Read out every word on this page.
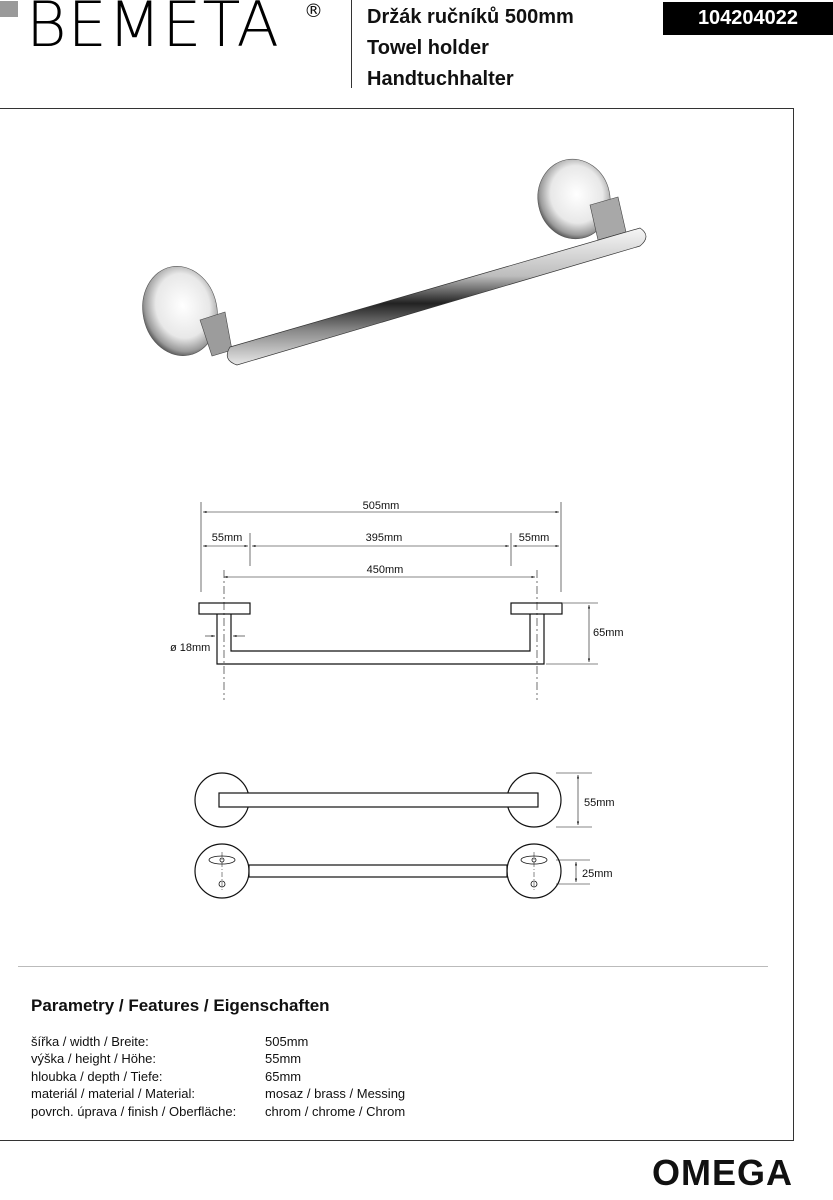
BEMETA ® Držák ručníků 500mm
Towel holder
Handtuchhalter
104204022
505mm
55mm	395mm	55mm
450mm
65mm
ø 18mm
55mm
25mm
Parametry / Features / Eigenschaften
šířka / width / Breite:	505mm
výška / height / Höhe:	55mm
hloubka / depth / Tiefe:	65mm
materiál / material / Material:	mosaz / brass / Messing
povrch. úprava / finish / Oberfläche:	chrom / chrome / Chrom
OMEGA
